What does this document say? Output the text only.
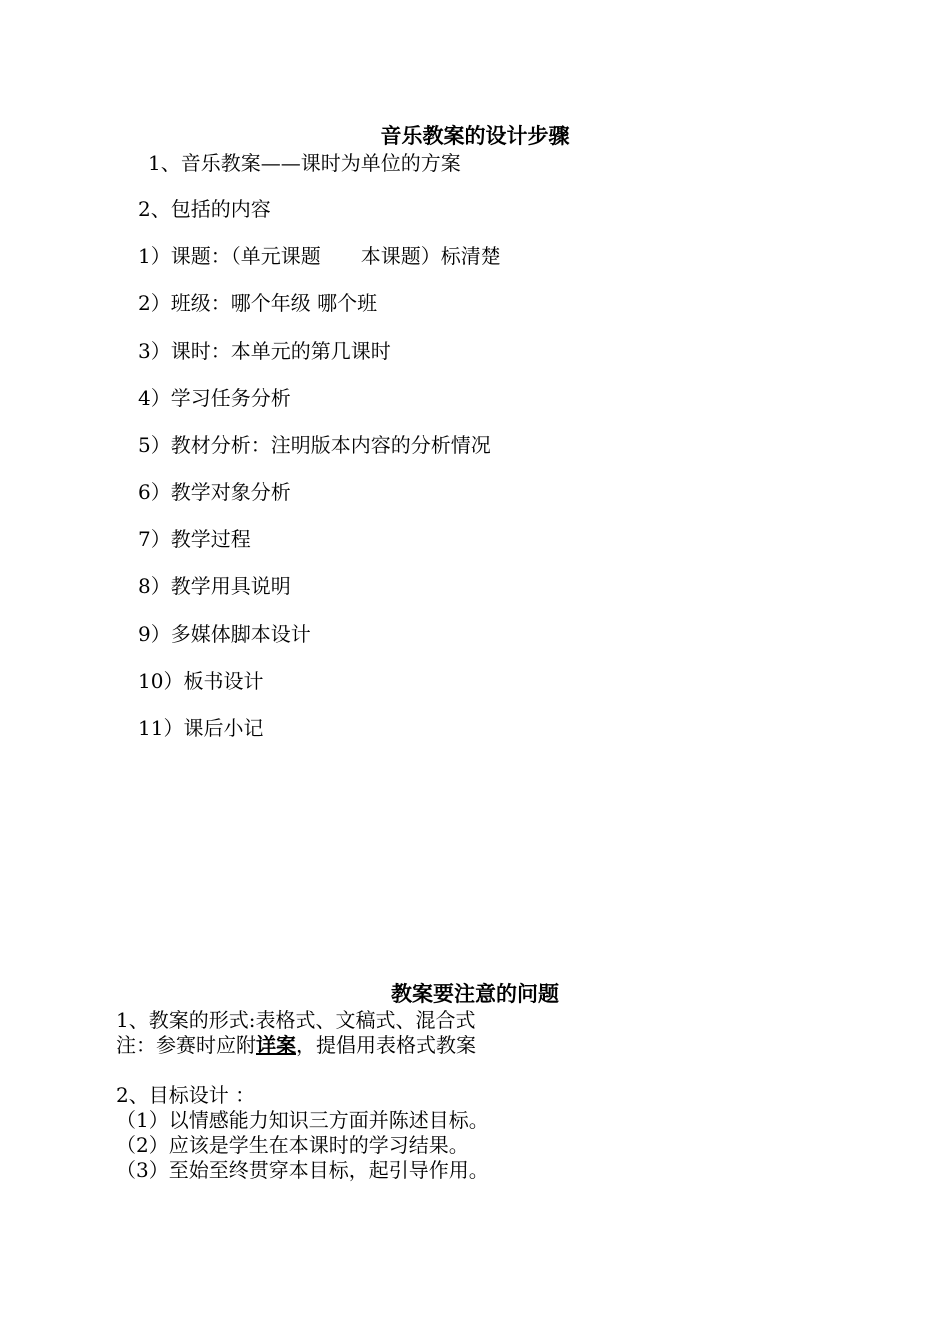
音乐教案的设计步骤
1、音乐教案——课时为单位的方案
2、包括的内容
1）课题：（单元课题　　本课题）标清楚
2）班级：哪个年级 哪个班
3）课时：本单元的第几课时
4）学习任务分析
5）教材分析：注明版本内容的分析情况
6）教学对象分析
7）教学过程
8）教学用具说明
9）多媒体脚本设计
10）板书设计
11）课后小记
教案要注意的问题
1、教案的形式:表格式、文稿式、混合式
注：参赛时应附详案，提倡用表格式教案
2、目标设计 ：
（1）以情感能力知识三方面并陈述目标。
（2）应该是学生在本课时的学习结果。
（3）至始至终贯穿本目标，起引导作用。
